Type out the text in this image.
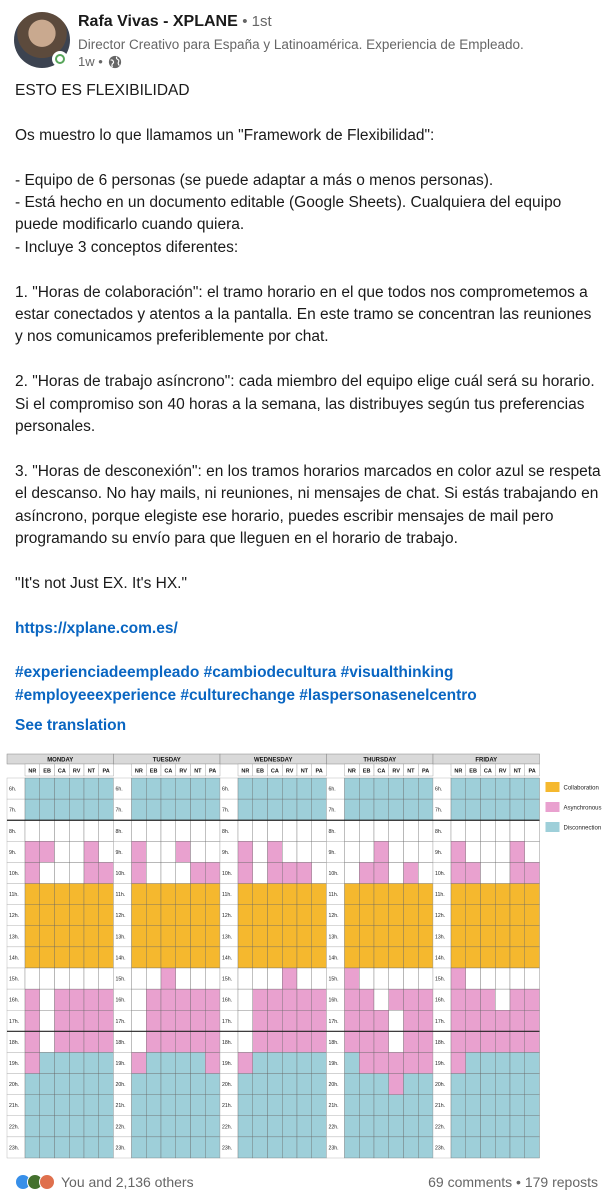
Rafa Vivas - XPLANE • 1st
Director Creativo para España y Latinoamérica. Experiencia de Empleado.
1w •

ESTO ES FLEXIBILIDAD

Os muestro lo que llamamos un "Framework de Flexibilidad":

- Equipo de 6 personas (se puede adaptar a más o menos personas).
- Está hecho en un documento editable (Google Sheets). Cualquiera del equipo puede modificarlo cuando quiera.
- Incluye 3 conceptos diferentes:

1. "Horas de colaboración": el tramo horario en el que todos nos comprometemos a estar conectados y atentos a la pantalla. En este tramo se concentran las reuniones y nos comunicamos preferiblemente por chat.

2. "Horas de trabajo asíncrono": cada miembro del equipo elige cuál será su horario. Si el compromiso son 40 horas a la semana, las distribuyes según tus preferencias personales.

3. "Horas de desconexión": en los tramos horarios marcados en color azul se respeta el descanso. No hay mails, ni reuniones, ni mensajes de chat. Si estás trabajando en asíncrono, porque elegiste ese horario, puedes escribir mensajes de mail pero programando su envío para que lleguen en el horario de trabajo.

"It's not Just EX. It's HX."

https://xplane.com.es/

#experienciadeempleado #cambiodecultura #visualthinking #employeeexperience #culturechange #laspersonasenelcentro

See translation
MONDAY
NR EB CA RV NT PA
6h.
7h.
8h.
9h.
10h.
11h.
12h.
13h.
14h.
15h.
16h.
17h.
18h.
19h.
20h.
21h.
22h.
23h.
TUESDAY
NR EB CA RV NT PA
6h.
7h.
8h.
9h.
10h.
11h.
12h.
13h.
14h.
15h.
16h.
17h.
18h.
19h.
20h.
21h.
22h.
23h.
WEDNESDAY
NR EB CA RV NT PA
6h.
7h.
8h.
9h.
10h.
11h.
12h.
13h.
14h.
15h.
16h.
17h.
18h.
19h.
20h.
21h.
22h.
23h.
THURSDAY
NR EB CA RV NT PA
6h.
7h.
8h.
9h.
10h.
11h.
12h.
13h.
14h.
15h.
16h.
17h.
18h.
19h.
20h.
21h.
22h.
23h.
FRIDAY
NR EB CA RV NT PA
6h.
7h.
8h.
9h.
10h.
11h.
12h.
13h.
14h.
15h.
16h.
17h.
18h.
19h.
20h.
21h.
22h.
23h.
Collaboration
Asynchronous
Disconnection
You and 2,136 others	69 comments • 179 reposts
